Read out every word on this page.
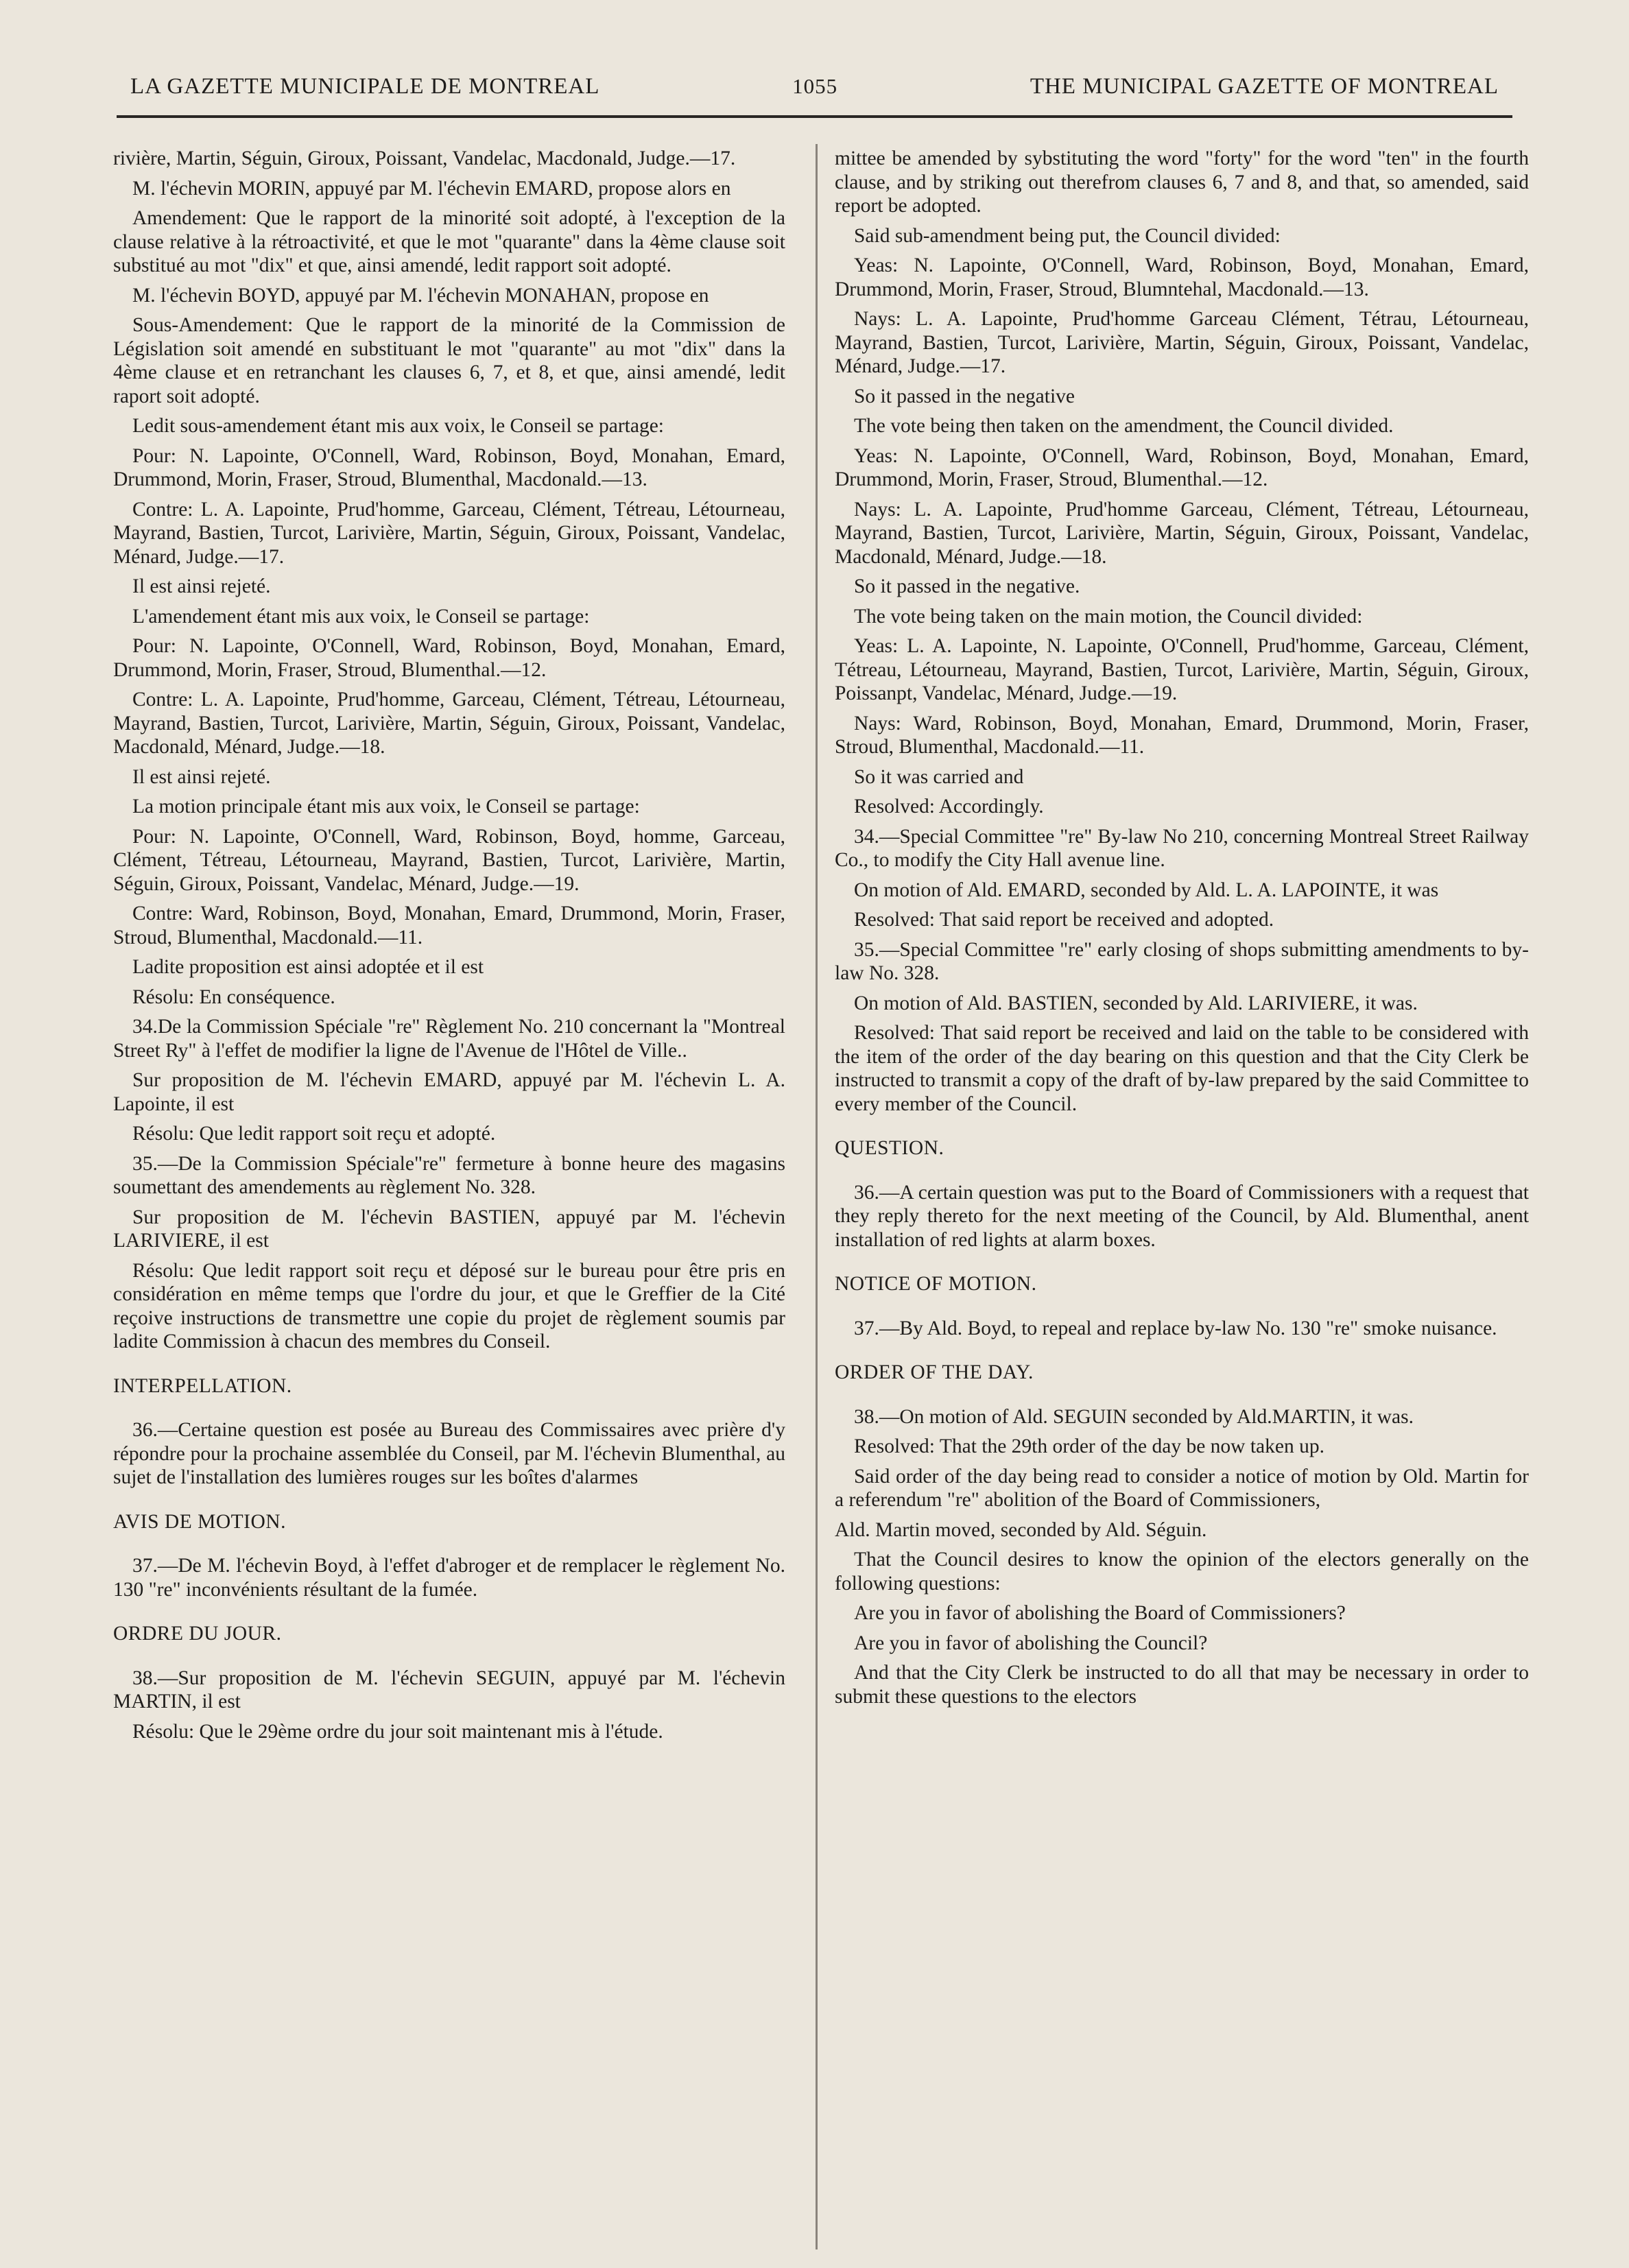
LA GAZETTE MUNICIPALE DE MONTREAL	1055	THE MUNICIPAL GAZETTE OF MONTREAL

rivière, Martin, Séguin, Giroux, Poissant, Vandelac, Macdonald, Judge.—17.

M. l'échevin MORIN, appuyé par M. l'échevin EMARD, propose alors en

Amendement: Que le rapport de la minorité soit adopté, à l'exception de la clause relative à la rétroactivité, et que le mot "quarante" dans la 4ème clause soit substitué au mot "dix" et que, ainsi amendé, ledit rapport soit adopté.

M. l'échevin BOYD, appuyé par M. l'échevin MONAHAN, propose en

Sous-Amendement: Que le rapport de la minorité de la Commission de Législation soit amendé en substituant le mot "quarante" au mot "dix" dans la 4ème clause et en retranchant les clauses 6, 7, et 8, et que, ainsi amendé, ledit raport soit adopté.

Ledit sous-amendement étant mis aux voix, le Conseil se partage:

Pour: N. Lapointe, O'Connell, Ward, Robinson, Boyd, Monahan, Emard, Drummond, Morin, Fraser, Stroud, Blumenthal, Macdonald.—13.

Contre: L. A. Lapointe, Prud'homme, Garceau, Clément, Tétreau, Létourneau, Mayrand, Bastien, Turcot, Larivière, Martin, Séguin, Giroux, Poissant, Vandelac, Ménard, Judge.—17.

Il est ainsi rejeté.

L'amendement étant mis aux voix, le Conseil se partage:

Pour: N. Lapointe, O'Connell, Ward, Robinson, Boyd, Monahan, Emard, Drummond, Morin, Fraser, Stroud, Blumenthal.—12.

Contre: L. A. Lapointe, Prud'homme, Garceau, Clément, Tétreau, Létourneau, Mayrand, Bastien, Turcot, Larivière, Martin, Séguin, Giroux, Poissant, Vandelac, Macdonald, Ménard, Judge.—18.

Il est ainsi rejeté.

La motion principale étant mis aux voix, le Conseil se partage:

Pour: N. Lapointe, O'Connell, Ward, Robinson, Boyd, homme, Garceau, Clément, Tétreau, Létourneau, Mayrand, Bastien, Turcot, Larivière, Martin, Séguin, Giroux, Poissant, Vandelac, Ménard, Judge.—19.

Contre: Ward, Robinson, Boyd, Monahan, Emard, Drummond, Morin, Fraser, Stroud, Blumenthal, Macdonald.—11.

Ladite proposition est ainsi adoptée et il est

Résolu: En conséquence.

34.De la Commission Spéciale "re" Règlement No. 210 concernant la "Montreal Street Ry" à l'effet de modifier la ligne de l'Avenue de l'Hôtel de Ville..

Sur proposition de M. l'échevin EMARD, appuyé par M. l'échevin L. A. Lapointe, il est

Résolu: Que ledit rapport soit reçu et adopté.

35.—De la Commission Spéciale"re" fermeture à bonne heure des magasins soumettant des amendements au règlement No. 328.

Sur proposition de M. l'échevin BASTIEN, appuyé par M. l'échevin LARIVIERE, il est

Résolu: Que ledit rapport soit reçu et déposé sur le bureau pour être pris en considération en même temps que l'ordre du jour, et que le Greffier de la Cité reçoive instructions de transmettre une copie du projet de règlement soumis par ladite Commission à chacun des membres du Conseil.

INTERPELLATION.

36.—Certaine question est posée au Bureau des Commissaires avec prière d'y répondre pour la prochaine assemblée du Conseil, par M. l'échevin Blumenthal, au sujet de l'installation des lumières rouges sur les boîtes d'alarmes

AVIS DE MOTION.

37.—De M. l'échevin Boyd, à l'effet d'abroger et de remplacer le règlement No. 130 "re" inconvénients résultant de la fumée.

ORDRE DU JOUR.

38.—Sur proposition de M. l'échevin SEGUIN, appuyé par M. l'échevin MARTIN, il est

Résolu: Que le 29ème ordre du jour soit maintenant mis à l'étude.

mittee be amended by sybstituting the word "forty" for the word "ten" in the fourth clause, and by striking out therefrom clauses 6, 7 and 8, and that, so amended, said report be adopted.

Said sub-amendment being put, the Council divided:

Yeas: N. Lapointe, O'Connell, Ward, Robinson, Boyd, Monahan, Emard, Drummond, Morin, Fraser, Stroud, Blumntehal, Macdonald.—13.

Nays: L. A. Lapointe, Prud'homme Garceau Clément, Tétrau, Létourneau, Mayrand, Bastien, Turcot, Larivière, Martin, Séguin, Giroux, Poissant, Vandelac, Ménard, Judge.—17.

So it passed in the negative

The vote being then taken on the amendment, the Council divided.

Yeas: N. Lapointe, O'Connell, Ward, Robinson, Boyd, Monahan, Emard, Drummond, Morin, Fraser, Stroud, Blumenthal.—12.

Nays: L. A. Lapointe, Prud'homme Garceau, Clément, Tétreau, Létourneau, Mayrand, Bastien, Turcot, Larivière, Martin, Séguin, Giroux, Poissant, Vandelac, Macdonald, Ménard, Judge.—18.

So it passed in the negative.

The vote being taken on the main motion, the Council divided:

Yeas: L. A. Lapointe, N. Lapointe, O'Connell, Prud'homme, Garceau, Clément, Tétreau, Létourneau, Mayrand, Bastien, Turcot, Larivière, Martin, Séguin, Giroux, Poissanpt, Vandelac, Ménard, Judge.—19.

Nays: Ward, Robinson, Boyd, Monahan, Emard, Drummond, Morin, Fraser, Stroud, Blumenthal, Macdonald.—11.

So it was carried and

Resolved: Accordingly.

34.—Special Committee "re" By-law No 210, concerning Montreal Street Railway Co., to modify the City Hall avenue line.

On motion of Ald. EMARD, seconded by Ald. L. A. LAPOINTE, it was

Resolved: That said report be received and adopted.

35.—Special Committee "re" early closing of shops submitting amendments to by-law No. 328.

On motion of Ald. BASTIEN, seconded by Ald. LARIVIERE, it was.

Resolved: That said report be received and laid on the table to be considered with the item of the order of the day bearing on this question and that the City Clerk be instructed to transmit a copy of the draft of by-law prepared by the said Committee to every member of the Council.

QUESTION.

36.—A certain question was put to the Board of Commissioners with a request that they reply thereto for the next meeting of the Council, by Ald. Blumenthal, anent installation of red lights at alarm boxes.

NOTICE OF MOTION.

37.—By Ald. Boyd, to repeal and replace by-law No. 130 "re" smoke nuisance.

ORDER OF THE DAY.

38.—On motion of Ald. SEGUIN seconded by Ald.MARTIN, it was.

Resolved: That the 29th order of the day be now taken up.

Said order of the day being read to consider a notice of motion by Old. Martin for a referendum "re" abolition of the Board of Commissioners,

Ald. Martin moved, seconded by Ald. Séguin.

That the Council desires to know the opinion of the electors generally on the following questions:

Are you in favor of abolishing the Board of Commissioners?

Are you in favor of abolishing the Council?

And that the City Clerk be instructed to do all that may be necessary in order to submit these questions to the electors
